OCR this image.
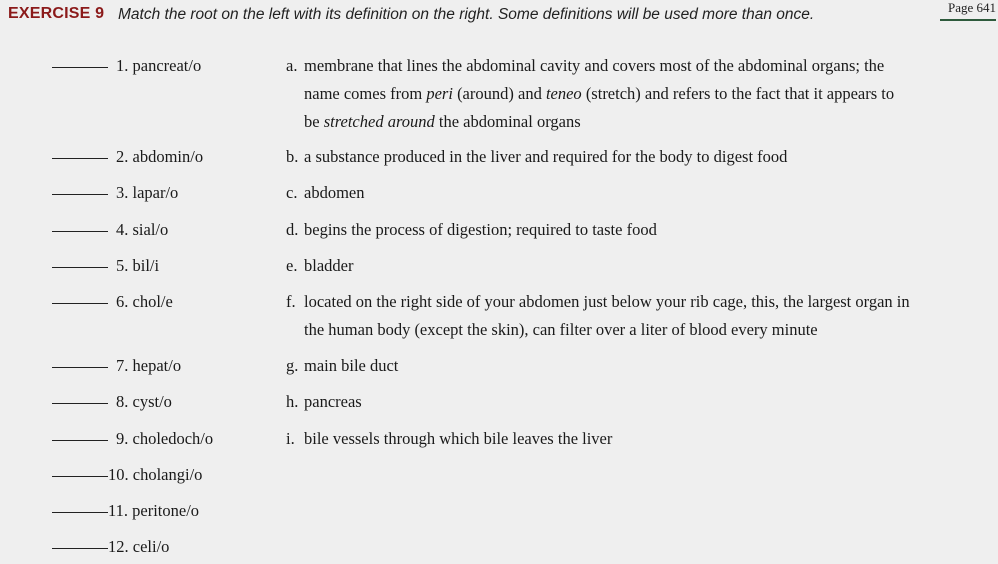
EXERCISE 9 Match the root on the left with its definition on the right. Some definitions will be used more than once.	Page 641
1. pancreat/o
2. abdomin/o
3. lapar/o
4. sial/o
5. bil/i
6. chol/e
7. hepat/o
8. cyst/o
9. choledoch/o
10. cholangi/o
11. peritone/o
12. celi/o
a. membrane that lines the abdominal cavity and covers most of the abdominal organs; the
name comes from peri (around) and teneo (stretch) and refers to the fact that it appears to
be stretched around the abdominal organs
b. a substance produced in the liver and required for the body to digest food
c. abdomen
d. begins the process of digestion; required to taste food
e. bladder
f. located on the right side of your abdomen just below your rib cage, this, the largest organ in
the human body (except the skin), can filter over a liter of blood every minute
g. main bile duct
h. pancreas
i. bile vessels through which bile leaves the liver
